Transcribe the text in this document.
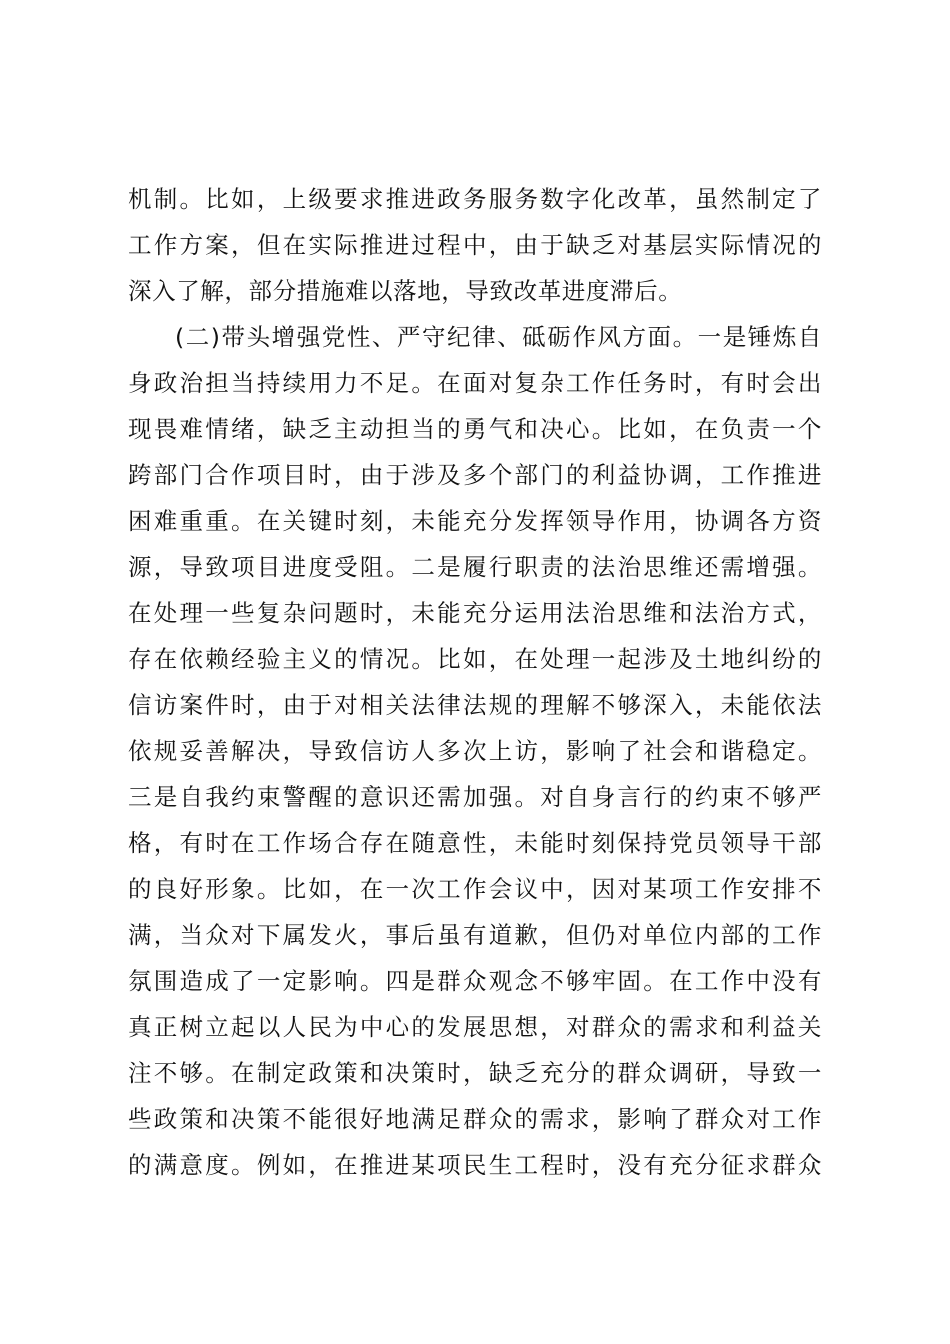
机制。比如，上级要求推进政务服务数字化改革，虽然制定了
工作方案，但在实际推进过程中，由于缺乏对基层实际情况的
深入了解，部分措施难以落地，导致改革进度滞后。
(二)带头增强党性、严守纪律、砥砺作风方面。一是锤炼自
身政治担当持续用力不足。在面对复杂工作任务时，有时会出
现畏难情绪，缺乏主动担当的勇气和决心。比如，在负责一个
跨部门合作项目时，由于涉及多个部门的利益协调，工作推进
困难重重。在关键时刻，未能充分发挥领导作用，协调各方资
源，导致项目进度受阻。二是履行职责的法治思维还需增强。
在处理一些复杂问题时，未能充分运用法治思维和法治方式，
存在依赖经验主义的情况。比如，在处理一起涉及土地纠纷的
信访案件时，由于对相关法律法规的理解不够深入，未能依法
依规妥善解决，导致信访人多次上访，影响了社会和谐稳定。
三是自我约束警醒的意识还需加强。对自身言行的约束不够严
格，有时在工作场合存在随意性，未能时刻保持党员领导干部
的良好形象。比如，在一次工作会议中，因对某项工作安排不
满，当众对下属发火，事后虽有道歉，但仍对单位内部的工作
氛围造成了一定影响。四是群众观念不够牢固。在工作中没有
真正树立起以人民为中心的发展思想，对群众的需求和利益关
注不够。在制定政策和决策时，缺乏充分的群众调研，导致一
些政策和决策不能很好地满足群众的需求，影响了群众对工作
的满意度。例如，在推进某项民生工程时，没有充分征求群众
